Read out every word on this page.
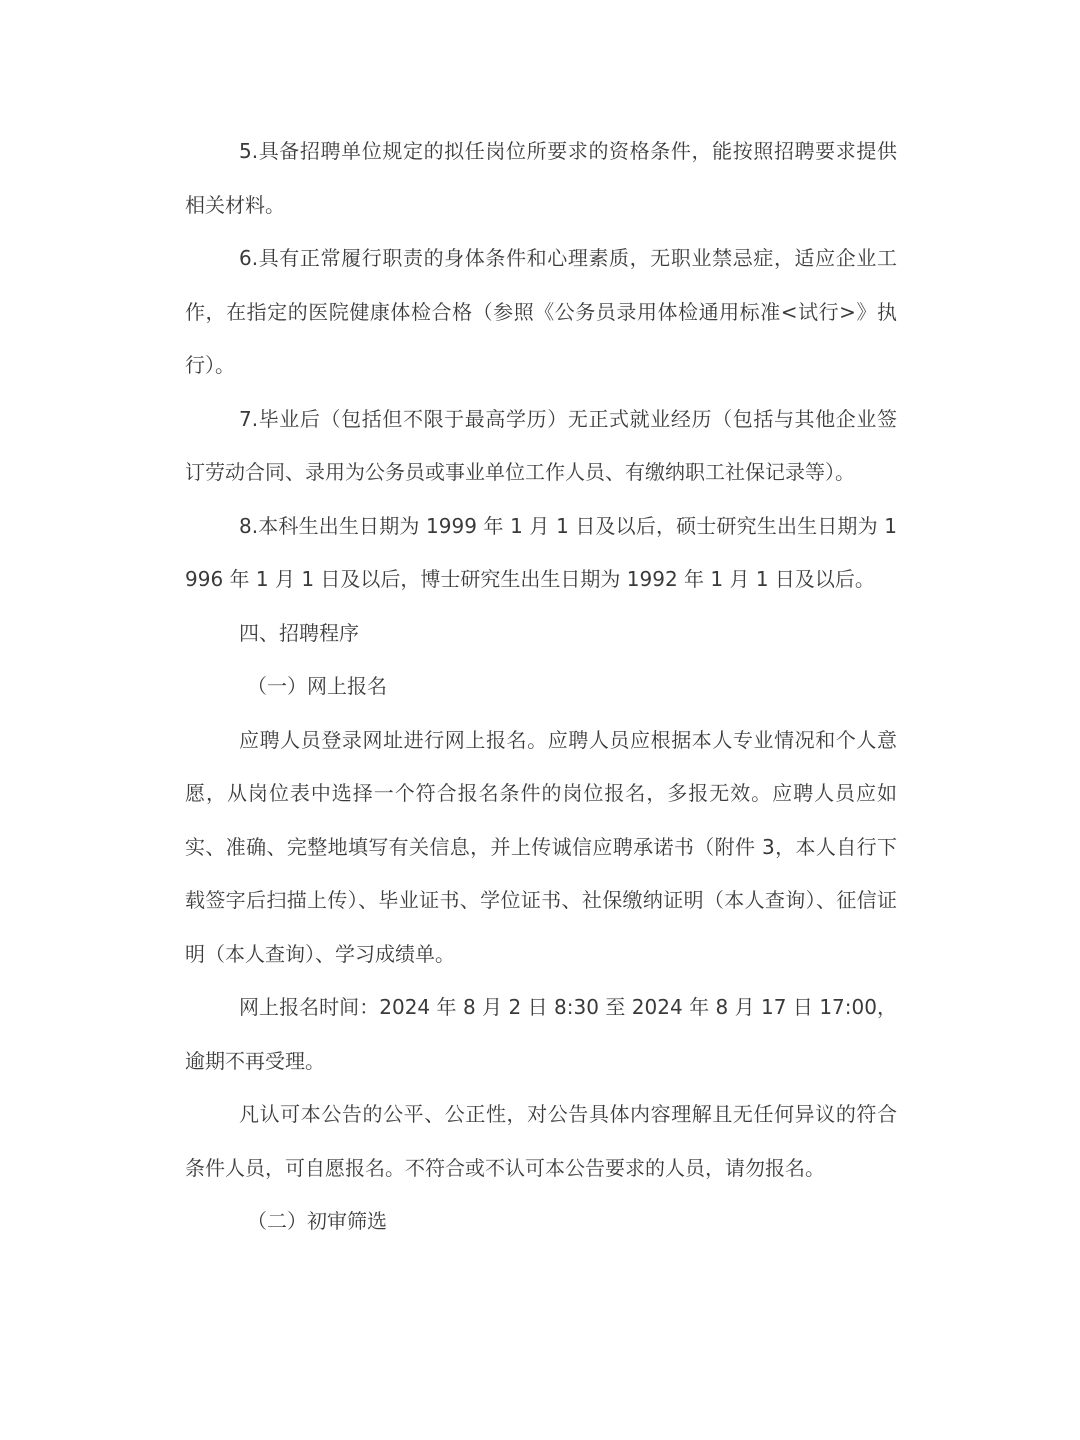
5.具备招聘单位规定的拟任岗位所要求的资格条件，能按照招聘要求提供相关材料。

6.具有正常履行职责的身体条件和心理素质，无职业禁忌症，适应企业工作，在指定的医院健康体检合格（参照《公务员录用体检通用标准<试行>》执行）。

7.毕业后（包括但不限于最高学历）无正式就业经历（包括与其他企业签订劳动合同、录用为公务员或事业单位工作人员、有缴纳职工社保记录等）。

8.本科生出生日期为 1999 年 1 月 1 日及以后，硕士研究生出生日期为 1996 年 1 月 1 日及以后，博士研究生出生日期为 1992 年 1 月 1 日及以后。

四、招聘程序

（一）网上报名

应聘人员登录网址进行网上报名。应聘人员应根据本人专业情况和个人意愿，从岗位表中选择一个符合报名条件的岗位报名，多报无效。应聘人员应如实、准确、完整地填写有关信息，并上传诚信应聘承诺书（附件 3，本人自行下载签字后扫描上传）、毕业证书、学位证书、社保缴纳证明（本人查询）、征信证明（本人查询）、学习成绩单。

网上报名时间：2024 年 8 月 2 日 8:30 至 2024 年 8 月 17 日 17:00，逾期不再受理。

凡认可本公告的公平、公正性，对公告具体内容理解且无任何异议的符合条件人员，可自愿报名。不符合或不认可本公告要求的人员，请勿报名。

（二）初审筛选
